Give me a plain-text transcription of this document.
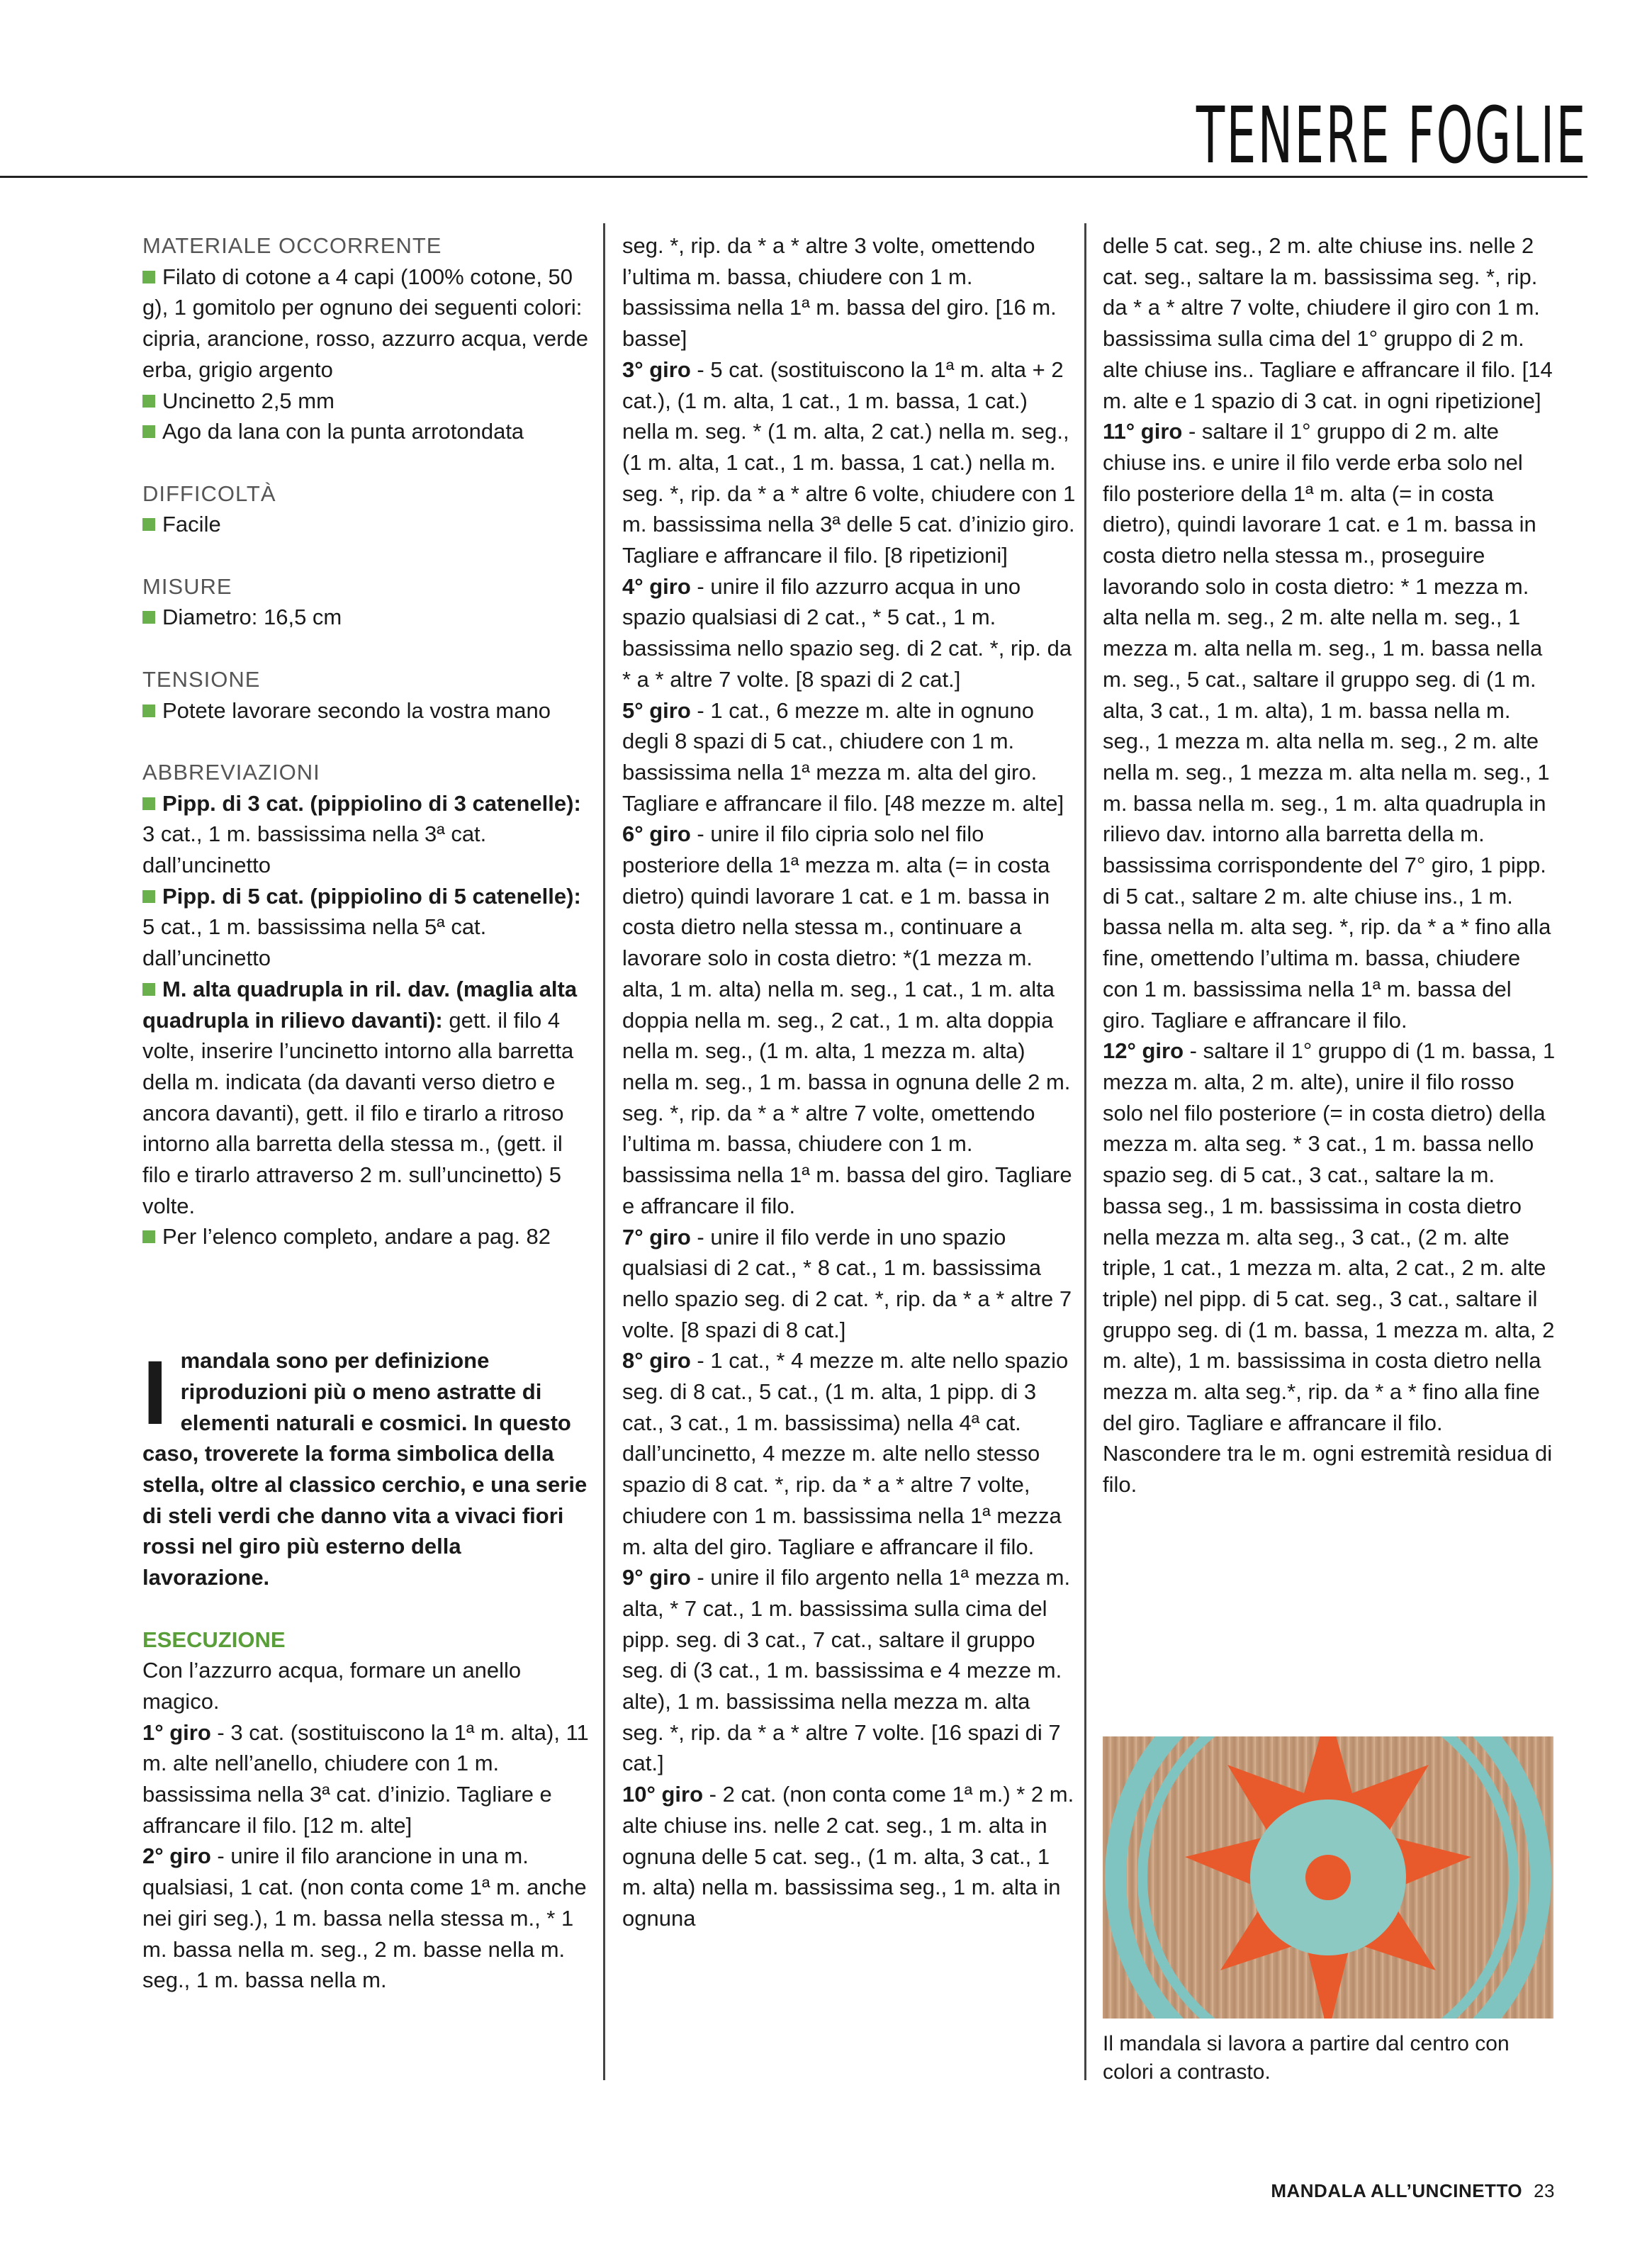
TENERE FOGLIE

MATERIALE OCCORRENTE

Filato di cotone a 4 capi (100% cotone, 50 g), 1 gomitolo per ognuno dei seguenti colori: cipria, arancione, rosso, azzurro acqua, verde erba, grigio argento

Uncinetto 2,5 mm

Ago da lana con la punta arrotondata

DIFFICOLTÀ

Facile

MISURE

Diametro: 16,5 cm

TENSIONE

Potete lavorare secondo la vostra mano

ABBREVIAZIONI

Pipp. di 3 cat. (pippiolino di 3 catenelle): 3 cat., 1 m. bassissima nella 3ª cat. dall’uncinetto

Pipp. di 5 cat. (pippiolino di 5 catenelle): 5 cat., 1 m. bassissima nella 5ª cat. dall’uncinetto

M. alta quadrupla in ril. dav. (maglia alta quadrupla in rilievo davanti): gett. il filo 4 volte, inserire l’uncinetto intorno alla barretta della m. indicata (da davanti verso dietro e ancora davanti), gett. il filo e tirarlo a ritroso intorno alla barretta della stessa m., (gett. il filo e tirarlo attraverso 2 m. sull’uncinetto) 5 volte.

Per l’elenco completo, andare a pag. 82

Imandala sono per definizione riproduzioni più o meno astratte di elementi naturali e cosmici. In questo caso, troverete la forma simbolica della stella, oltre al classico cerchio, e una serie di steli verdi che danno vita a vivaci fiori rossi nel giro più esterno della lavorazione.

ESECUZIONE

Con l’azzurro acqua, formare un anello magico.

1° giro - 3 cat. (sostituiscono la 1ª m. alta), 11 m. alte nell’anello, chiudere con 1 m. bassissima nella 3ª cat. d’inizio. Tagliare e affrancare il filo. [12 m. alte]

2° giro - unire il filo arancione in una m. qualsiasi, 1 cat. (non conta come 1ª m. anche nei giri seg.), 1 m. bassa nella stessa m., * 1 m. bassa nella m. seg., 2 m. basse nella m. seg., 1 m. bassa nella m.

seg. *, rip. da * a * altre 3 volte, omettendo l’ultima m. bassa, chiudere con 1 m. bassissima nella 1ª m. bassa del giro. [16 m. basse]

3° giro - 5 cat. (sostituiscono la 1ª m. alta + 2 cat.), (1 m. alta, 1 cat., 1 m. bassa, 1 cat.) nella m. seg. * (1 m. alta, 2 cat.) nella m. seg., (1 m. alta, 1 cat., 1 m. bassa, 1 cat.) nella m. seg. *, rip. da * a * altre 6 volte, chiudere con 1 m. bassissima nella 3ª delle 5 cat. d’inizio giro. Tagliare e affrancare il filo. [8 ripetizioni]

4° giro - unire il filo azzurro acqua in uno spazio qualsiasi di 2 cat., * 5 cat., 1 m. bassissima nello spazio seg. di 2 cat. *, rip. da * a * altre 7 volte. [8 spazi di 2 cat.]

5° giro - 1 cat., 6 mezze m. alte in ognuno degli 8 spazi di 5 cat., chiudere con 1 m. bassissima nella 1ª mezza m. alta del giro. Tagliare e affrancare il filo. [48 mezze m. alte]

6° giro - unire il filo cipria solo nel filo posteriore della 1ª mezza m. alta (= in costa dietro) quindi lavorare 1 cat. e 1 m. bassa in costa dietro nella stessa m., continuare a lavorare solo in costa dietro: *(1 mezza m. alta, 1 m. alta) nella m. seg., 1 cat., 1 m. alta doppia nella m. seg., 2 cat., 1 m. alta doppia nella m. seg., (1 m. alta, 1 mezza m. alta) nella m. seg., 1 m. bassa in ognuna delle 2 m. seg. *, rip. da * a * altre 7 volte, omettendo l’ultima m. bassa, chiudere con 1 m. bassissima nella 1ª m. bassa del giro. Tagliare e affrancare il filo.

7° giro - unire il filo verde in uno spazio qualsiasi di 2 cat., * 8 cat., 1 m. bassissima nello spazio seg. di 2 cat. *, rip. da * a * altre 7 volte. [8 spazi di 8 cat.]

8° giro - 1 cat., * 4 mezze m. alte nello spazio seg. di 8 cat., 5 cat., (1 m. alta, 1 pipp. di 3 cat., 3 cat., 1 m. bassissima) nella 4ª cat. dall’uncinetto, 4 mezze m. alte nello stesso spazio di 8 cat. *, rip. da * a * altre 7 volte, chiudere con 1 m. bassissima nella 1ª mezza m. alta del giro. Tagliare e affrancare il filo.

9° giro - unire il filo argento nella 1ª mezza m. alta, * 7 cat., 1 m. bassissima sulla cima del pipp. seg. di 3 cat., 7 cat., saltare il gruppo seg. di (3 cat., 1 m. bassissima e 4 mezze m. alte), 1 m. bassissima nella mezza m. alta seg. *, rip. da * a * altre 7 volte. [16 spazi di 7 cat.]

10° giro - 2 cat. (non conta come 1ª m.) * 2 m. alte chiuse ins. nelle 2 cat. seg., 1 m. alta in ognuna delle 5 cat. seg., (1 m. alta, 3 cat., 1 m. alta) nella m. bassissima seg., 1 m. alta in ognuna

delle 5 cat. seg., 2 m. alte chiuse ins. nelle 2 cat. seg., saltare la m. bassissima seg. *, rip. da * a * altre 7 volte, chiudere il giro con 1 m. bassissima sulla cima del 1° gruppo di 2 m. alte chiuse ins.. Tagliare e affrancare il filo. [14 m. alte e 1 spazio di 3 cat. in ogni ripetizione]

11° giro - saltare il 1° gruppo di 2 m. alte chiuse ins. e unire il filo verde erba solo nel filo posteriore della 1ª m. alta (= in costa dietro), quindi lavorare 1 cat. e 1 m. bassa in costa dietro nella stessa m., proseguire lavorando solo in costa dietro: * 1 mezza m. alta nella m. seg., 2 m. alte nella m. seg., 1 mezza m. alta nella m. seg., 1 m. bassa nella m. seg., 5 cat., saltare il gruppo seg. di (1 m. alta, 3 cat., 1 m. alta), 1 m. bassa nella m. seg., 1 mezza m. alta nella m. seg., 2 m. alte nella m. seg., 1 mezza m. alta nella m. seg., 1 m. bassa nella m. seg., 1 m. alta quadrupla in rilievo dav. intorno alla barretta della m. bassissima corrispondente del 7° giro, 1 pipp. di 5 cat., saltare 2 m. alte chiuse ins., 1 m. bassa nella m. alta seg. *, rip. da * a * fino alla fine, omettendo l’ultima m. bassa, chiudere con 1 m. bassissima nella 1ª m. bassa del giro. Tagliare e affrancare il filo.

12° giro - saltare il 1° gruppo di (1 m. bassa, 1 mezza m. alta, 2 m. alte), unire il filo rosso solo nel filo posteriore (= in costa dietro) della mezza m. alta seg. * 3 cat., 1 m. bassa nello spazio seg. di 5 cat., 3 cat., saltare la m. bassa seg., 1 m. bassissima in costa dietro nella mezza m. alta seg., 3 cat., (2 m. alte triple, 1 cat., 1 mezza m. alta, 2 cat., 2 m. alte triple) nel pipp. di 5 cat. seg., 3 cat., saltare il gruppo seg. di (1 m. bassa, 1 mezza m. alta, 2 m. alte), 1 m. bassissima in costa dietro nella mezza m. alta seg.*, rip. da * a * fino alla fine del giro. Tagliare e affrancare il filo. Nascondere tra le m. ogni estremità residua di filo.

Il mandala si lavora a partire dal centro con colori a contrasto.
MANDALA ALL’UNCINETTO 23
